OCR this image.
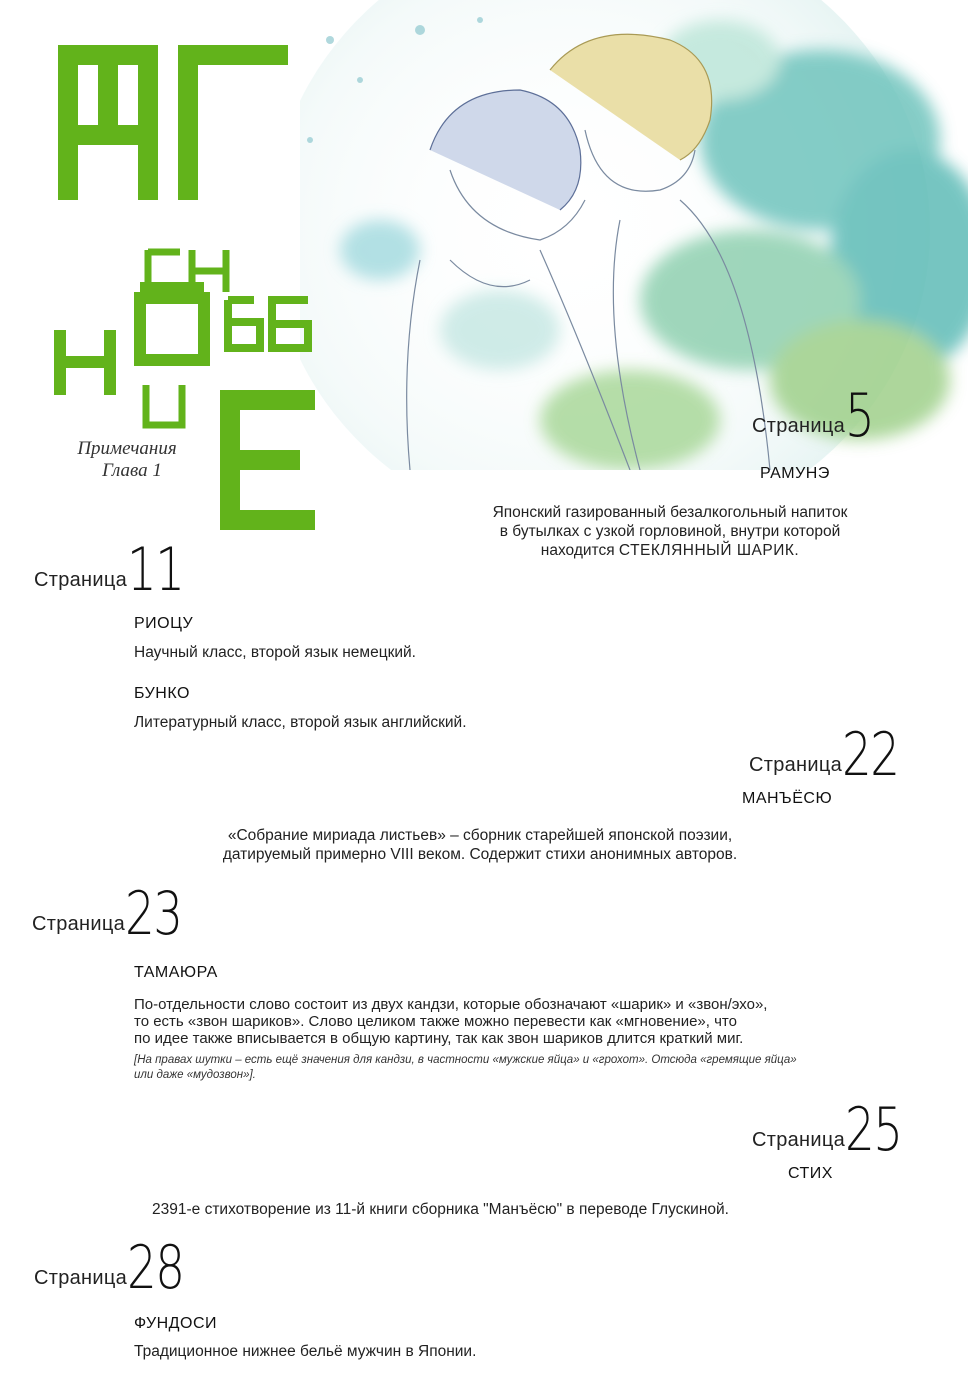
мгновение
Примечания
Глава 1
Страница 5
РАМУНЭ
Японский газированный безалкогольный напиток
в бутылках с узкой горловиной, внутри которой
находится СТЕКЛЯННЫЙ ШАРИК.
Страница 11
РИОЦУ
Научный класс, второй язык немецкий.
БУНКО
Литературный класс, второй язык английский.
Страница 22
МАНЪЁСЮ
«Собрание мириада листьев» – сборник старейшей японской поэзии,
датируемый примерно VIII веком. Содержит стихи анонимных авторов.
Страница 23
ТАМАЮРА
По-отдельности слово состоит из двух кандзи, которые обозначают «шарик» и «звон/эхо»,
то есть «звон шариков». Слово целиком также можно перевести как «мгновение», что
по идее также вписывается в общую картину, так как звон шариков длится краткий миг.
[На правах шутки – есть ещё значения для кандзи, в частности «мужские яйца» и «грохот». Отсюда «гремящие яйца»
или даже «мудозвон»].
Страница 25
СТИХ
2391-е стихотворение из 11-й книги сборника "Манъёсю" в переводе Глускиной.
Страница 28
ФУНДОСИ
Традиционное нижнее бельё мужчин в Японии.
